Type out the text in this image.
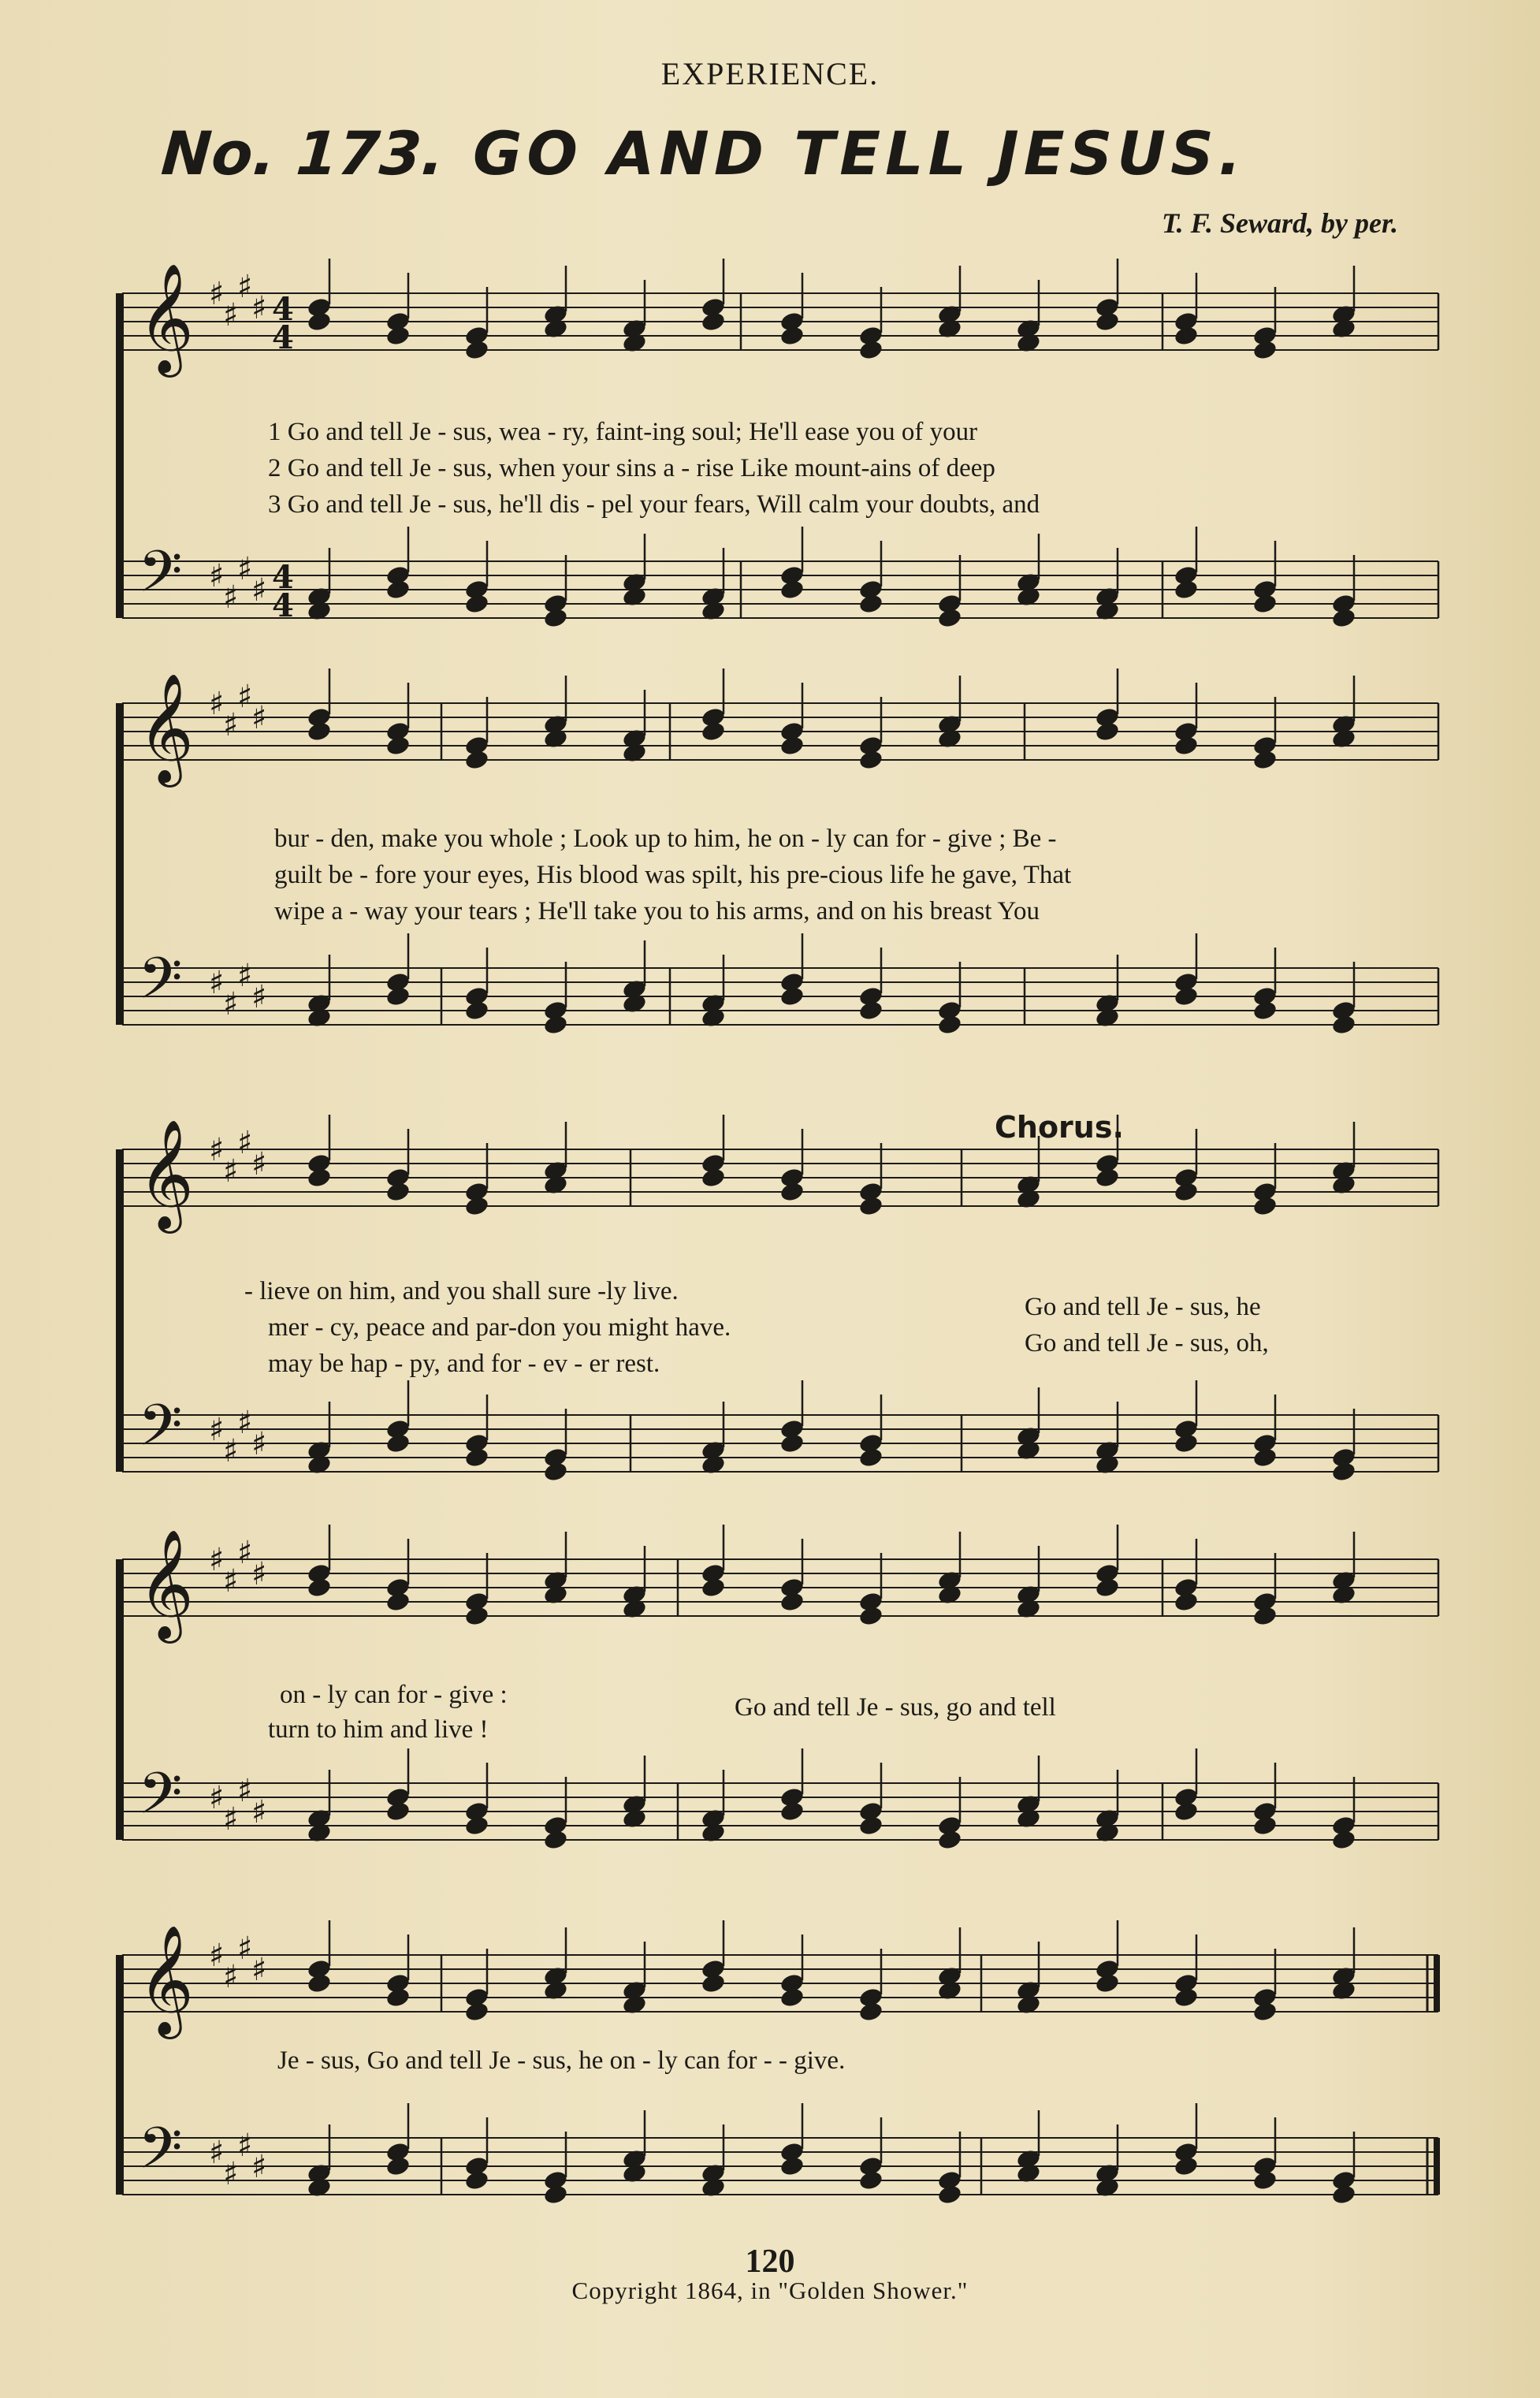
EXPERIENCE.
No. 173. GO AND TELL JESUS.
T. F. Seward, by per.
𝄞 ♯
♯
♯
♯ 4
4
𝄢 ♯
♯
♯
♯ 4
4
𝄞 ♯
♯
♯
♯
𝄢 ♯
♯
♯
♯
𝄞 ♯
♯
♯
♯
𝄢 ♯
♯
♯
♯
𝄞 ♯
♯
♯
♯
𝄢 ♯
♯
♯
♯
𝄞 ♯
♯
♯
♯
𝄢 ♯
♯
♯
♯
1 Go and tell Je - sus, wea - ry, faint-ing soul; He'll ease you of your
2 Go and tell Je - sus, when your sins a - rise Like mount-ains of deep
3 Go and tell Je - sus, he'll dis - pel your fears, Will calm your doubts, and
bur - den, make you whole ; Look up to him, he on - ly can for - give ; Be -
guilt be - fore your eyes, His blood was spilt, his pre-cious life he gave, That
wipe a - way your tears ; He'll take you to his arms, and on his breast You
Chorus.
- lieve on him, and you shall sure -ly live.
mer - cy, peace and par-don you might have.
may be hap - py, and for - ev - er rest.
Go and tell Je - sus, he
Go and tell Je - sus, oh,
on - ly can for - give :
turn to him and live !
Go and tell Je - sus, go and tell
Je - sus, Go and tell Je - sus, he on - ly can for - - give.
120
Copyright 1864, in "Golden Shower."
